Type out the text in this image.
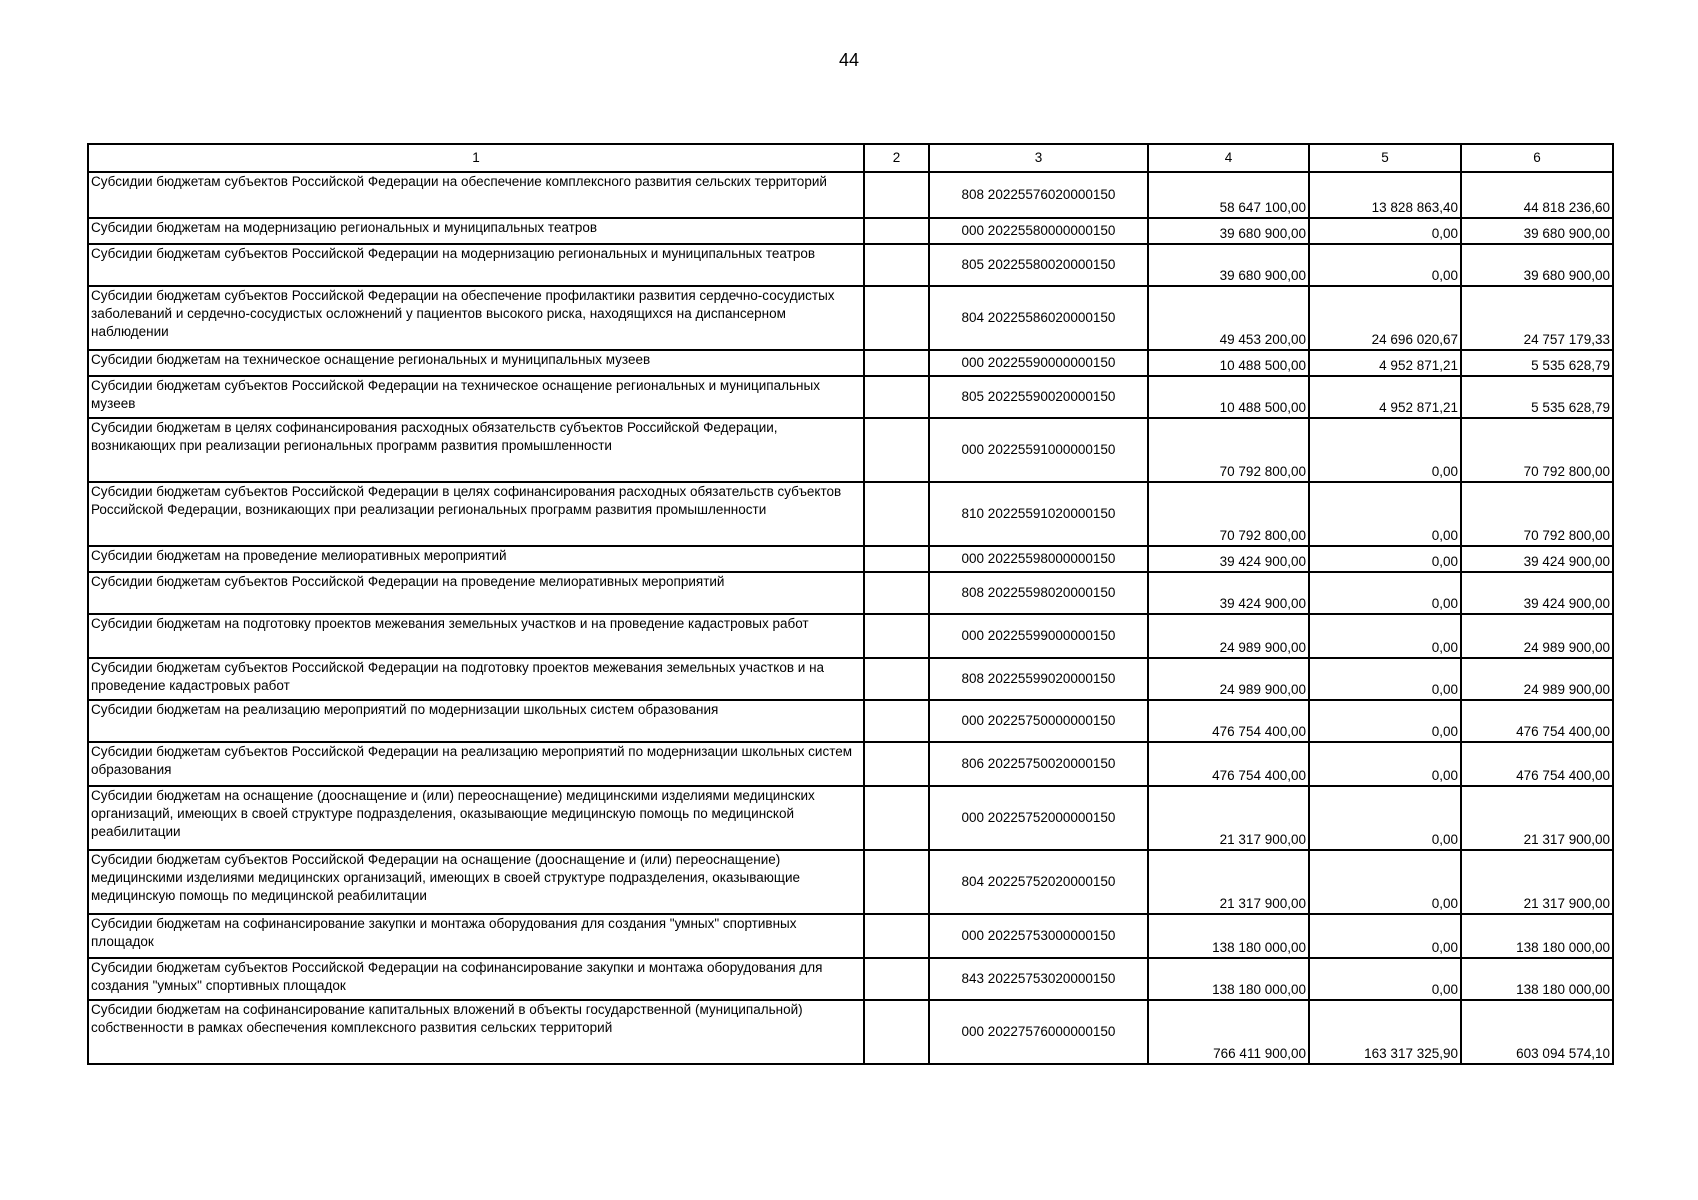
44
1	2	3	4	5	6
Субсидии бюджетам субъектов Российской Федерации на обеспечение комплексного развития сельских территорий		808 20225576020000150	58 647 100,00	13 828 863,40	44 818 236,60
Субсидии бюджетам на модернизацию региональных и муниципальных театров		000 20225580000000150	39 680 900,00	0,00	39 680 900,00
Субсидии бюджетам субъектов Российской Федерации на модернизацию региональных и муниципальных театров		805 20225580020000150	39 680 900,00	0,00	39 680 900,00
Субсидии бюджетам субъектов Российской Федерации на обеспечение профилактики развития сердечно-сосудистых заболеваний и сердечно-сосудистых осложнений у пациентов высокого риска, находящихся на диспансерном наблюдении		804 20225586020000150	49 453 200,00	24 696 020,67	24 757 179,33
Субсидии бюджетам на техническое оснащение региональных и муниципальных музеев		000 20225590000000150	10 488 500,00	4 952 871,21	5 535 628,79
Субсидии бюджетам субъектов Российской Федерации на техническое оснащение региональных и муниципальных музеев		805 20225590020000150	10 488 500,00	4 952 871,21	5 535 628,79
Субсидии бюджетам в целях софинансирования расходных обязательств субъектов Российской Федерации, возникающих при реализации региональных программ развития промышленности		000 20225591000000150	70 792 800,00	0,00	70 792 800,00
Субсидии бюджетам субъектов Российской Федерации в целях софинансирования расходных обязательств субъектов Российской Федерации, возникающих при реализации региональных программ развития промышленности		810 20225591020000150	70 792 800,00	0,00	70 792 800,00
Субсидии бюджетам на проведение мелиоративных мероприятий		000 20225598000000150	39 424 900,00	0,00	39 424 900,00
Субсидии бюджетам субъектов Российской Федерации на проведение мелиоративных мероприятий		808 20225598020000150	39 424 900,00	0,00	39 424 900,00
Субсидии бюджетам на подготовку проектов межевания земельных участков и на проведение кадастровых работ		000 20225599000000150	24 989 900,00	0,00	24 989 900,00
Субсидии бюджетам субъектов Российской Федерации на подготовку проектов межевания земельных участков и на проведение кадастровых работ		808 20225599020000150	24 989 900,00	0,00	24 989 900,00
Субсидии бюджетам на реализацию мероприятий по модернизации школьных систем образования		000 20225750000000150	476 754 400,00	0,00	476 754 400,00
Субсидии бюджетам субъектов Российской Федерации на реализацию мероприятий по модернизации школьных систем образования		806 20225750020000150	476 754 400,00	0,00	476 754 400,00
Субсидии бюджетам на оснащение (дооснащение и (или) переоснащение) медицинскими изделиями медицинских организаций, имеющих в своей структуре подразделения, оказывающие медицинскую помощь по медицинской реабилитации		000 20225752000000150	21 317 900,00	0,00	21 317 900,00
Субсидии бюджетам субъектов Российской Федерации на оснащение (дооснащение и (или) переоснащение) медицинскими изделиями медицинских организаций, имеющих в своей структуре подразделения, оказывающие медицинскую помощь по медицинской реабилитации		804 20225752020000150	21 317 900,00	0,00	21 317 900,00
Субсидии бюджетам на софинансирование закупки и монтажа оборудования для создания "умных" спортивных площадок		000 20225753000000150	138 180 000,00	0,00	138 180 000,00
Субсидии бюджетам субъектов Российской Федерации на софинансирование закупки и монтажа оборудования для создания "умных" спортивных площадок		843 20225753020000150	138 180 000,00	0,00	138 180 000,00
Субсидии бюджетам на софинансирование капитальных вложений в объекты государственной (муниципальной) собственности в рамках обеспечения комплексного развития сельских территорий		000 20227576000000150	766 411 900,00	163 317 325,90	603 094 574,10
